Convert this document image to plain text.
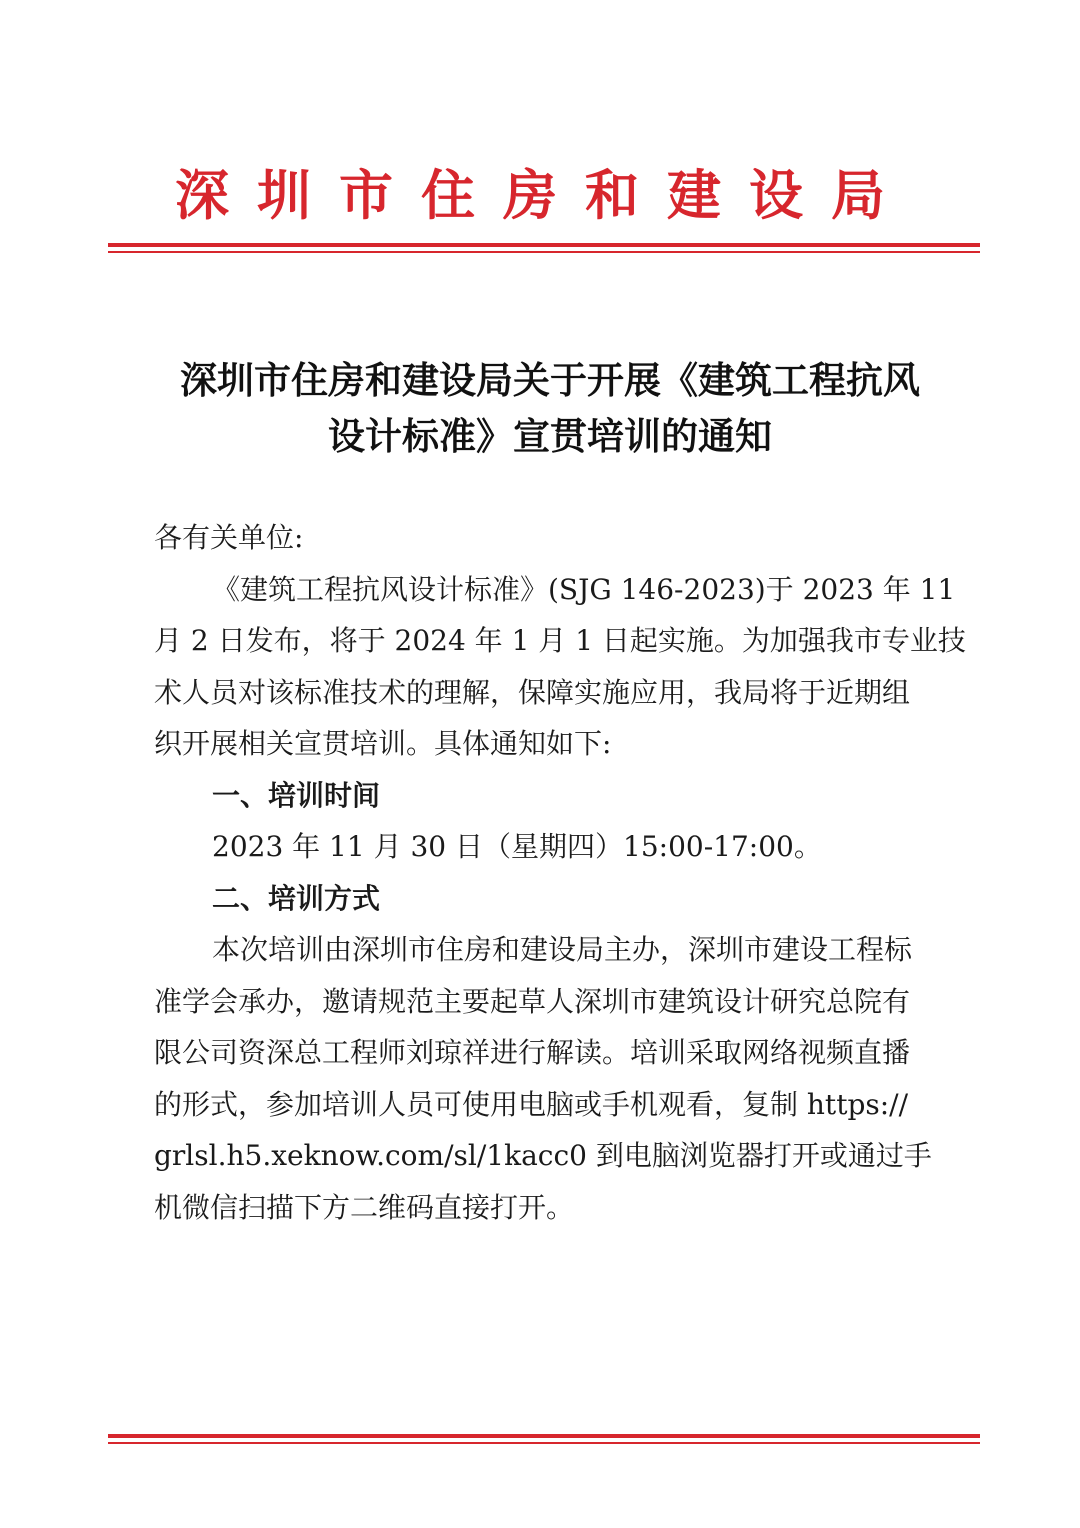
深圳市住房和建设局
深圳市住房和建设局关于开展《建筑工程抗风
设计标准》宣贯培训的通知
各有关单位:
《建筑工程抗风设计标准》(SJG 146-2023)于 2023 年 11
月 2 日发布，将于 2024 年 1 月 1 日起实施。为加强我市专业技
术人员对该标准技术的理解，保障实施应用，我局将于近期组
织开展相关宣贯培训。具体通知如下:
一、培训时间
2023 年 11 月 30 日（星期四）15:00-17:00。
二、培训方式
本次培训由深圳市住房和建设局主办，深圳市建设工程标
准学会承办，邀请规范主要起草人深圳市建筑设计研究总院有
限公司资深总工程师刘琼祥进行解读。培训采取网络视频直播
的形式，参加培训人员可使用电脑或手机观看，复制 https://
grlsl.h5.xeknow.com/sl/1kacc0 到电脑浏览器打开或通过手
机微信扫描下方二维码直接打开。
